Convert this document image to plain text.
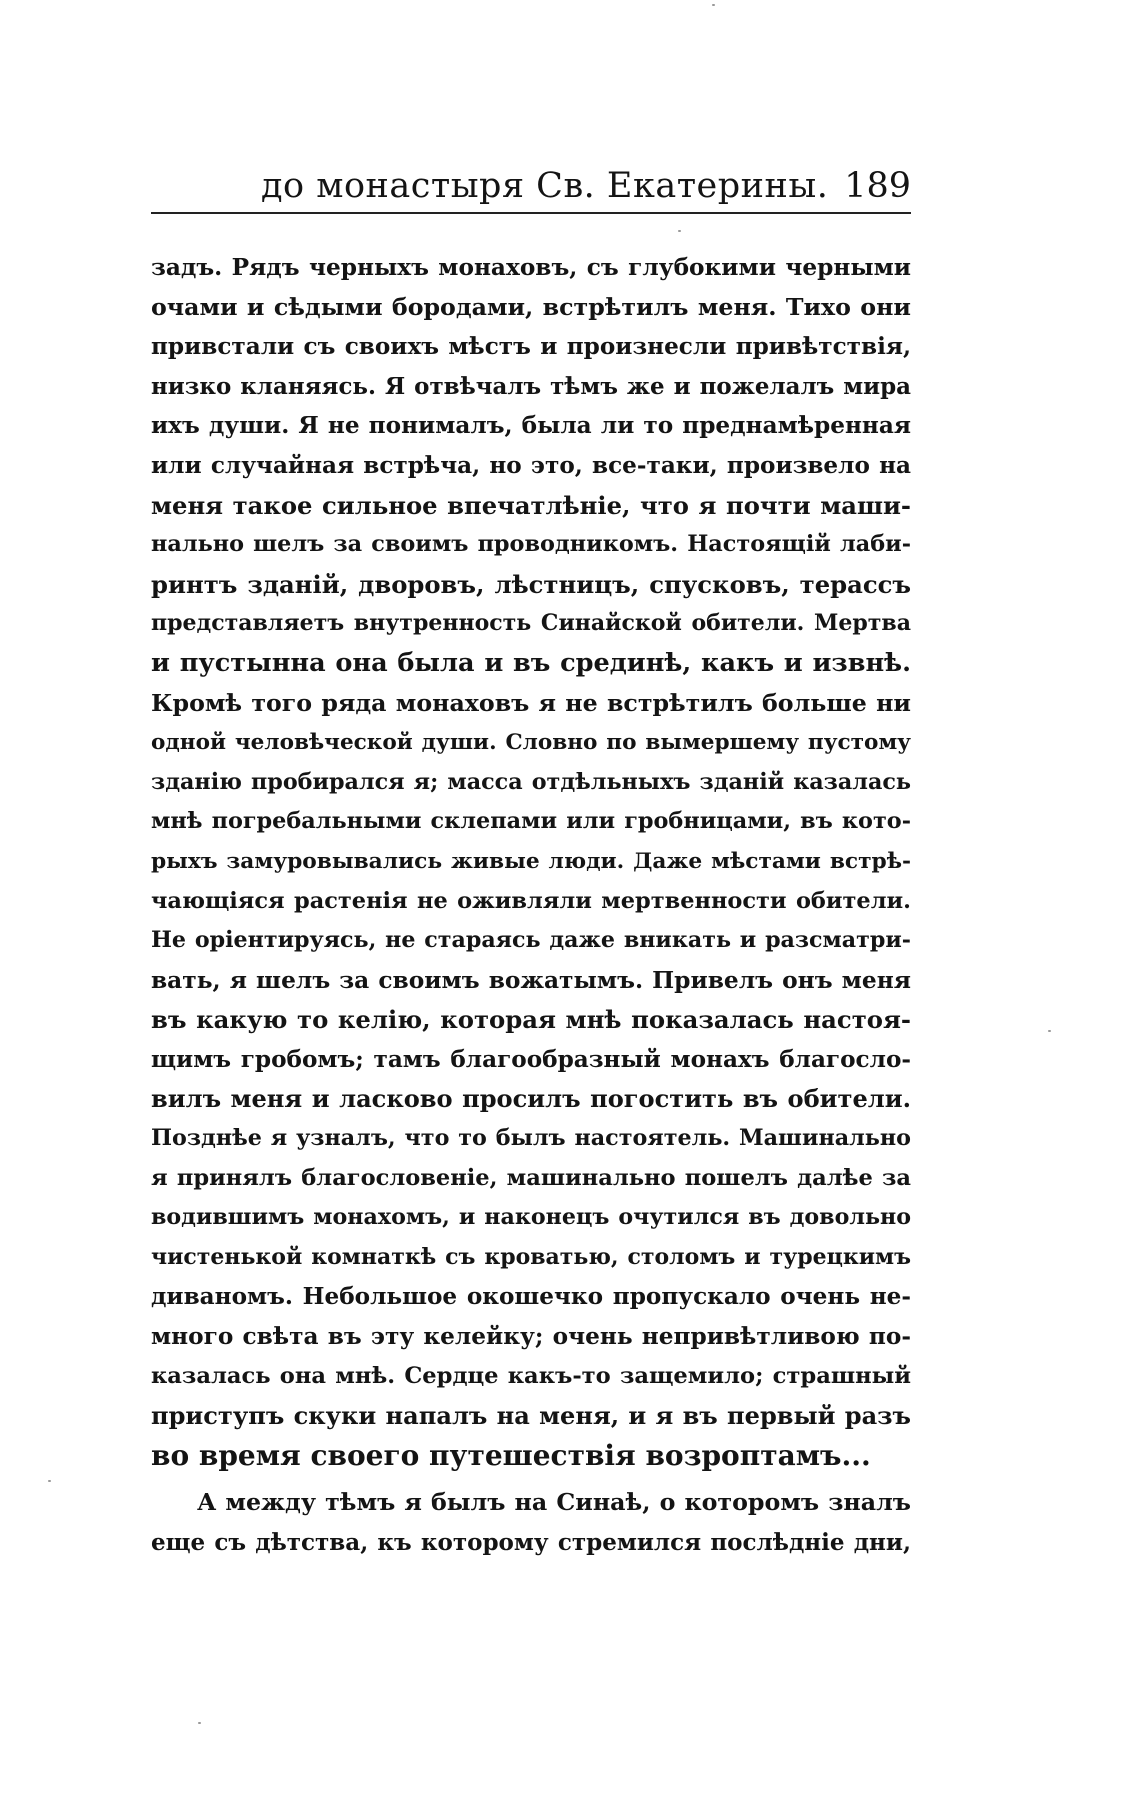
до монастыря Св. Екатерины. 189
задъ. Рядъ черныхъ монаховъ, съ глубокими черными
очами и сѣдыми бородами, встрѣтилъ меня. Тихо они
привстали съ своихъ мѣстъ и произнесли привѣтствія,
низко кланяясь. Я отвѣчалъ тѣмъ же и пожелалъ мира
ихъ души. Я не понималъ, была ли то преднамѣренная
или случайная встрѣча, но это, все-таки, произвело на
меня такое сильное впечатлѣніе, что я почти маши-
нально шелъ за своимъ проводникомъ. Настоящій лаби-
ринтъ зданій, дворовъ, лѣстницъ, спусковъ, терассъ
представляетъ внутренность Синайской обители. Мертва
и пустынна она была и въ срединѣ, какъ и извнѣ.
Кромѣ того ряда монаховъ я не встрѣтилъ больше ни
одной человѣческой души. Словно по вымершему пустому
зданію пробирался я; масса отдѣльныхъ зданій казалась
мнѣ погребальными склепами или гробницами, въ кото-
рыхъ замуровывались живые люди. Даже мѣстами встрѣ-
чающіяся растенія не оживляли мертвенности обители.
Не оріентируясь, не стараясь даже вникать и разсматри-
вать, я шелъ за своимъ вожатымъ. Привелъ онъ меня
въ какую то келію, которая мнѣ показалась настоя-
щимъ гробомъ; тамъ благообразный монахъ благосло-
вилъ меня и ласково просилъ погостить въ обители.
Позднѣе я узналъ, что то былъ настоятель. Машинально
я принялъ благословеніе, машинально пошелъ далѣе за
водившимъ монахомъ, и наконецъ очутился въ довольно
чистенькой комнаткѣ съ кроватью, столомъ и турецкимъ
диваномъ. Небольшое окошечко пропускало очень не-
много свѣта въ эту келейку; очень непривѣтливою по-
казалась она мнѣ. Сердце какъ-то защемило; страшный
приступъ скуки напалъ на меня, и я въ первый разъ
во время своего путешествія возроптамъ...
А между тѣмъ я былъ на Синаѣ, о которомъ зналъ
еще съ дѣтства, къ которому стремился послѣдніе дни,
